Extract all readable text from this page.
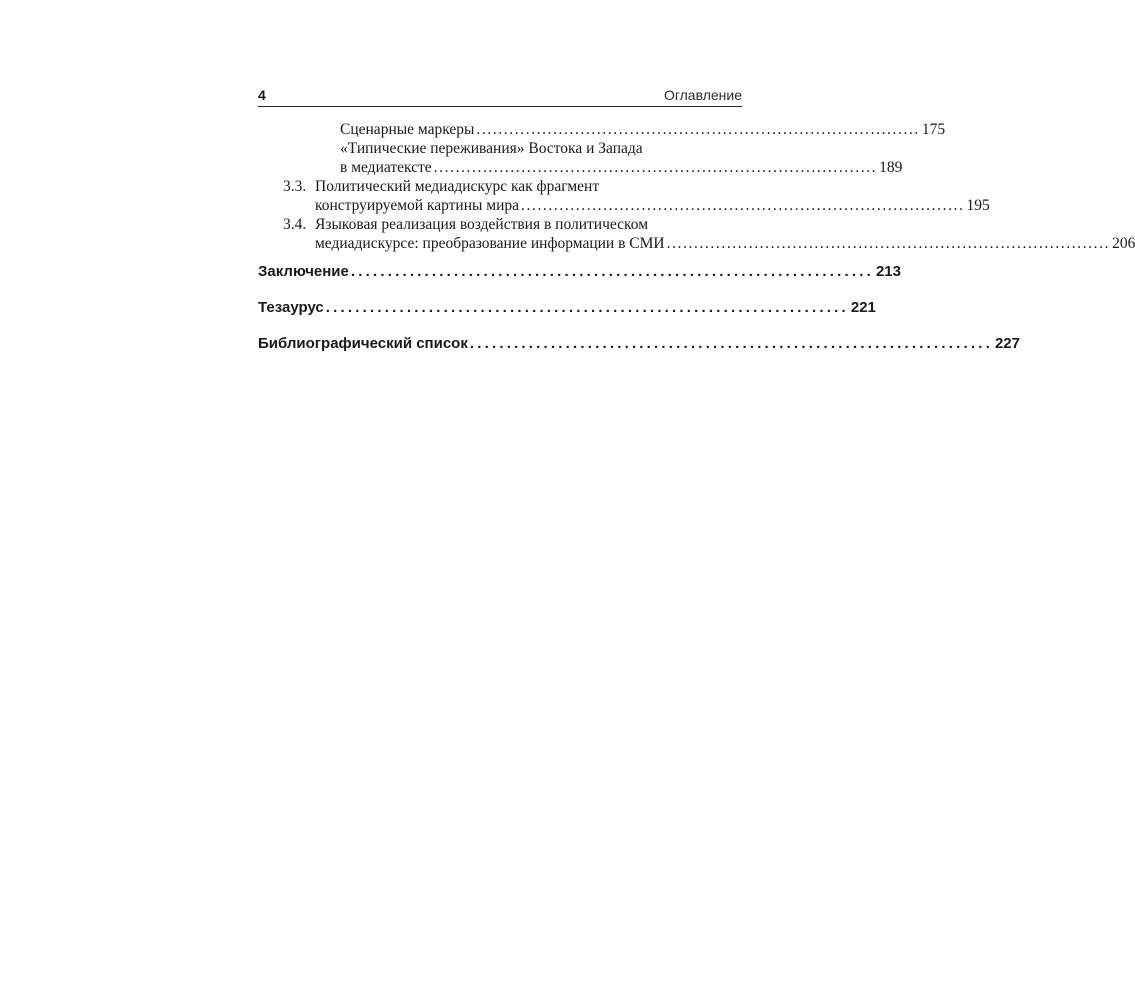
4	Оглавление
Сценарные маркеры ................................................................................. 175
«Типические переживания» Востока и Запада
в медиатексте ................................................................................. 189
3.3. Политический медиадискурс как фрагмент
конструируемой картины мира ................................................................................. 195
3.4. Языковая реализация воздействия в политическом
медиадискурсе: преобразование информации в СМИ ................................................................................. 206
Заключение ....................................................................... 213
Тезаурус ....................................................................... 221
Библиографический список ....................................................................... 227
